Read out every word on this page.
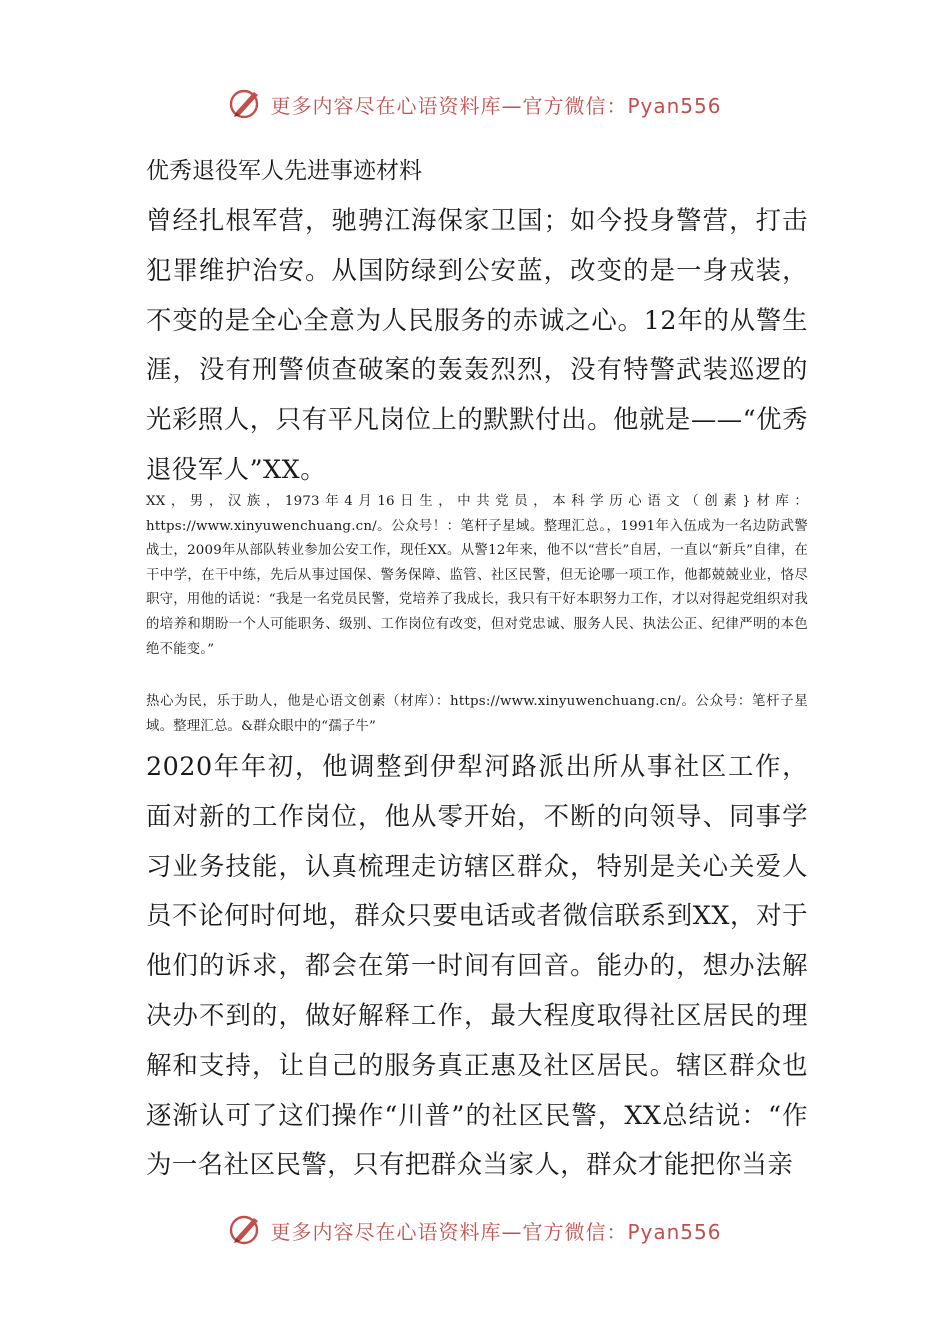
更多内容尽在心语资料库—官方微信：Pyan556
优秀退役军人先进事迹材料

曾经扎根军营，驰骋江海保家卫国；如今投身警营，打击犯罪维护治安。从国防绿到公安蓝，改变的是一身戎装，不变的是全心全意为人民服务的赤诚之心。12年的从警生涯，没有刑警侦查破案的轰轰烈烈，没有特警武装巡逻的光彩照人，只有平凡岗位上的默默付出。他就是——“优秀退役军人”XX。

XX，男，汉族，1973年4月16日生，中共党员，本科学历心语文（创素}材库：https://www.xinyuwenchuang.cn/。公众号！：笔杆子星域。整理汇总。，1991年入伍成为一名边防武警战士，2009年从部队转业参加公安工作，现任XX。从警12年来，他不以“营长”自居，一直以“新兵”自律，在干中学，在干中练，先后从事过国保、警务保障、监管、社区民警，但无论哪一项工作，他都兢兢业业，恪尽职守，用他的话说：“我是一名党员民警，党培养了我成长，我只有干好本职努力工作，才以对得起党组织对我的培养和期盼一个人可能职务、级别、工作岗位有改变，但对党忠诚、服务人民、执法公正、纪律严明的本色绝不能变。”

热心为民，乐于助人，他是心语文创素（材库）：https://www.xinyuwenchuang.cn/。公众号：笔杆子星域。整理汇总。&群众眼中的“孺子牛”

2020年年初，他调整到伊犁河路派出所从事社区工作，面对新的工作岗位，他从零开始，不断的向领导、同事学习业务技能，认真梳理走访辖区群众，特别是关心关爱人员不论何时何地，群众只要电话或者微信联系到XX，对于他们的诉求，都会在第一时间有回音。能办的，想办法解决办不到的，做好解释工作，最大程度取得社区居民的理解和支持，让自己的服务真正惠及社区居民。辖区群众也逐渐认可了这们操作“川普”的社区民警，XX总结说：“作为一名社区民警，只有把群众当家人，群众才能把你当亲

更多内容尽在心语资料库—官方微信：Pyan556
